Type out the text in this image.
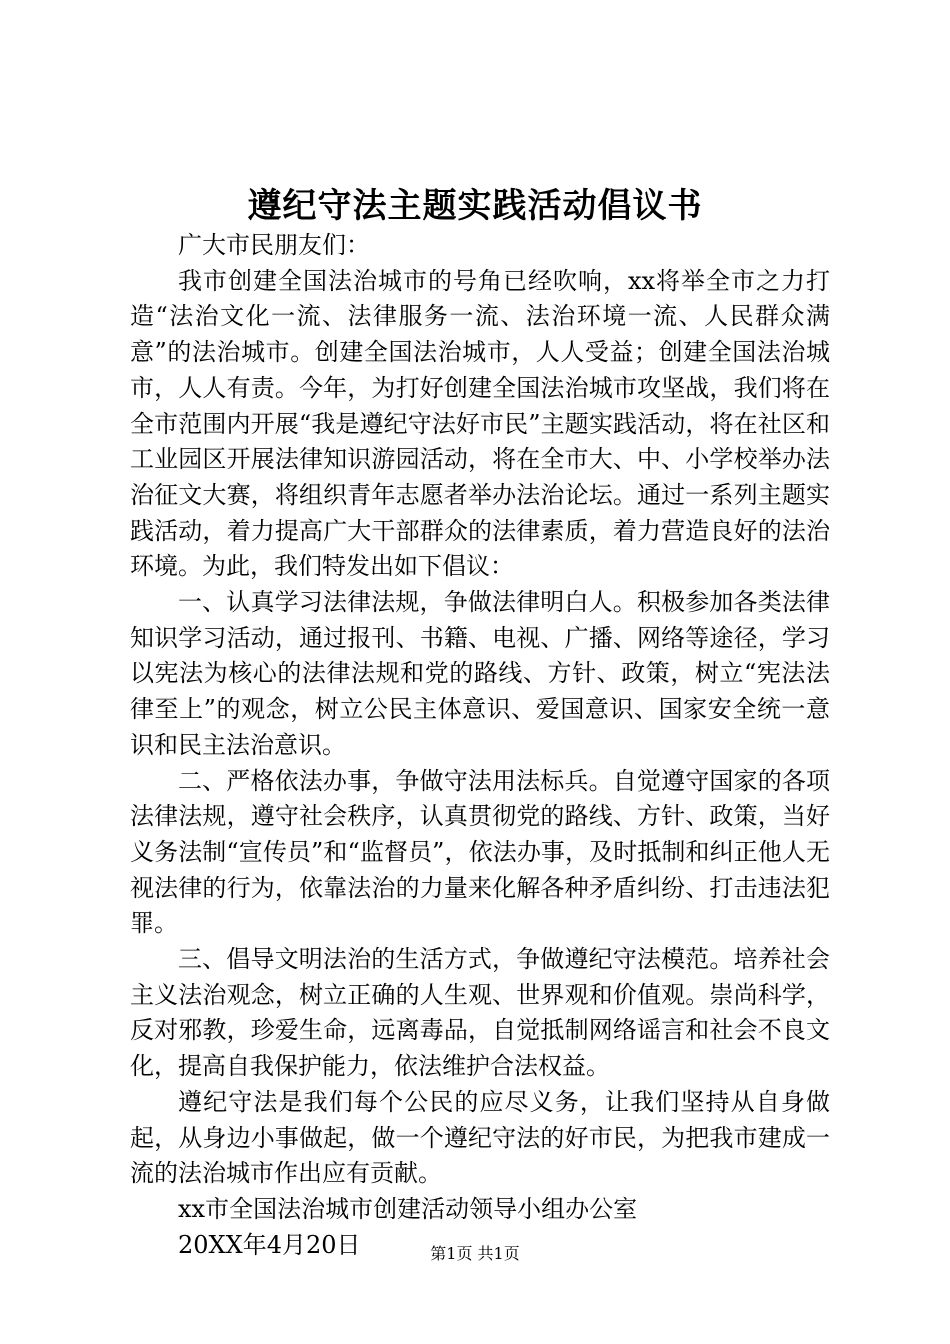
遵纪守法主题实践活动倡议书

广大市民朋友们：

我市创建全国法治城市的号角已经吹响，xx将举全市之力打造“法治文化一流、法律服务一流、法治环境一流、人民群众满意”的法治城市。创建全国法治城市，人人受益；创建全国法治城市，人人有责。今年，为打好创建全国法治城市攻坚战，我们将在全市范围内开展“我是遵纪守法好市民”主题实践活动，将在社区和工业园区开展法律知识游园活动，将在全市大、中、小学校举办法治征文大赛，将组织青年志愿者举办法治论坛。通过一系列主题实践活动，着力提高广大干部群众的法律素质，着力营造良好的法治环境。为此，我们特发出如下倡议：

一、认真学习法律法规，争做法律明白人。积极参加各类法律知识学习活动，通过报刊、书籍、电视、广播、网络等途径，学习以宪法为核心的法律法规和党的路线、方针、政策，树立“宪法法律至上”的观念，树立公民主体意识、爱国意识、国家安全统一意识和民主法治意识。

二、严格依法办事，争做守法用法标兵。自觉遵守国家的各项法律法规，遵守社会秩序，认真贯彻党的路线、方针、政策，当好义务法制“宣传员”和“监督员”，依法办事，及时抵制和纠正他人无视法律的行为，依靠法治的力量来化解各种矛盾纠纷、打击违法犯罪。

三、倡导文明法治的生活方式，争做遵纪守法模范。培养社会主义法治观念，树立正确的人生观、世界观和价值观。崇尚科学，反对邪教，珍爱生命，远离毒品，自觉抵制网络谣言和社会不良文化，提高自我保护能力，依法维护合法权益。

遵纪守法是我们每个公民的应尽义务，让我们坚持从自身做起，从身边小事做起，做一个遵纪守法的好市民，为把我市建成一流的法治城市作出应有贡献。

xx市全国法治城市创建活动领导小组办公室

20XX年4月20日	第1页 共1页
